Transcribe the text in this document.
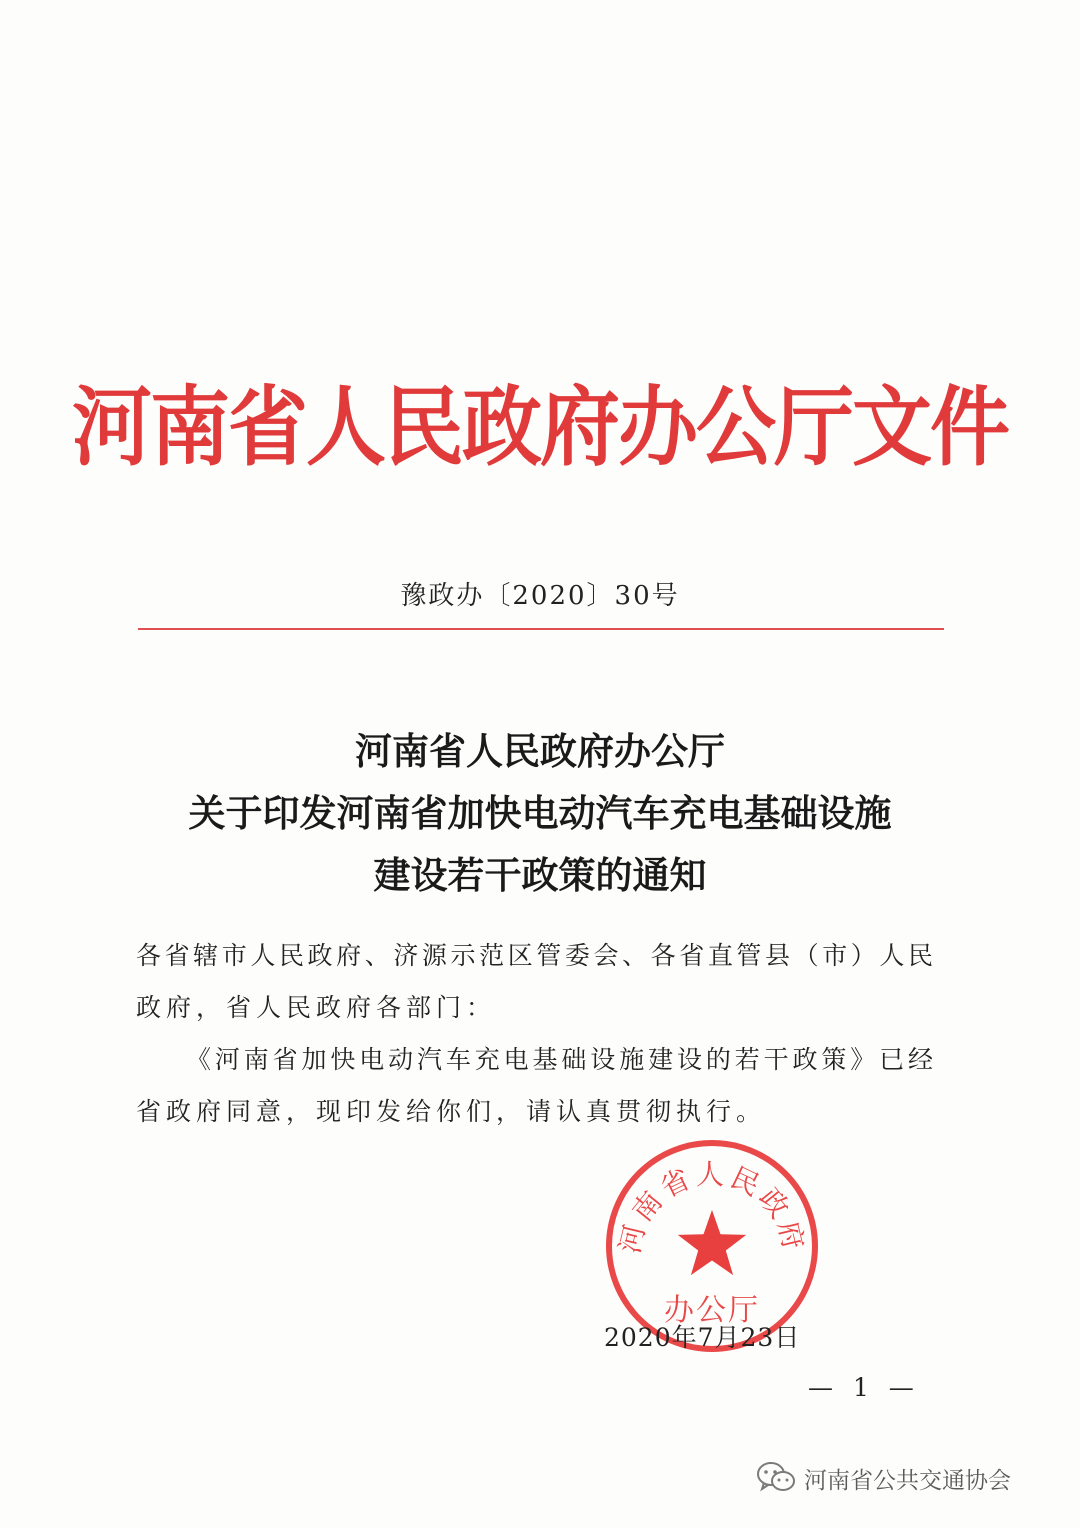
河南省人民政府办公厅文件
豫政办〔2020〕30号
河南省人民政府办公厅
关于印发河南省加快电动汽车充电基础设施
建设若干政策的通知

各省辖市人民政府、济源示范区管委会、各省直管县（市）人民

政府，省人民政府各部门：

《河南省加快电动汽车充电基础设施建设的若干政策》已经

省政府同意，现印发给你们，请认真贯彻执行。

河南省人民政府
办公厅
2020年7月23日
— 1 —
河南省公共交通协会
